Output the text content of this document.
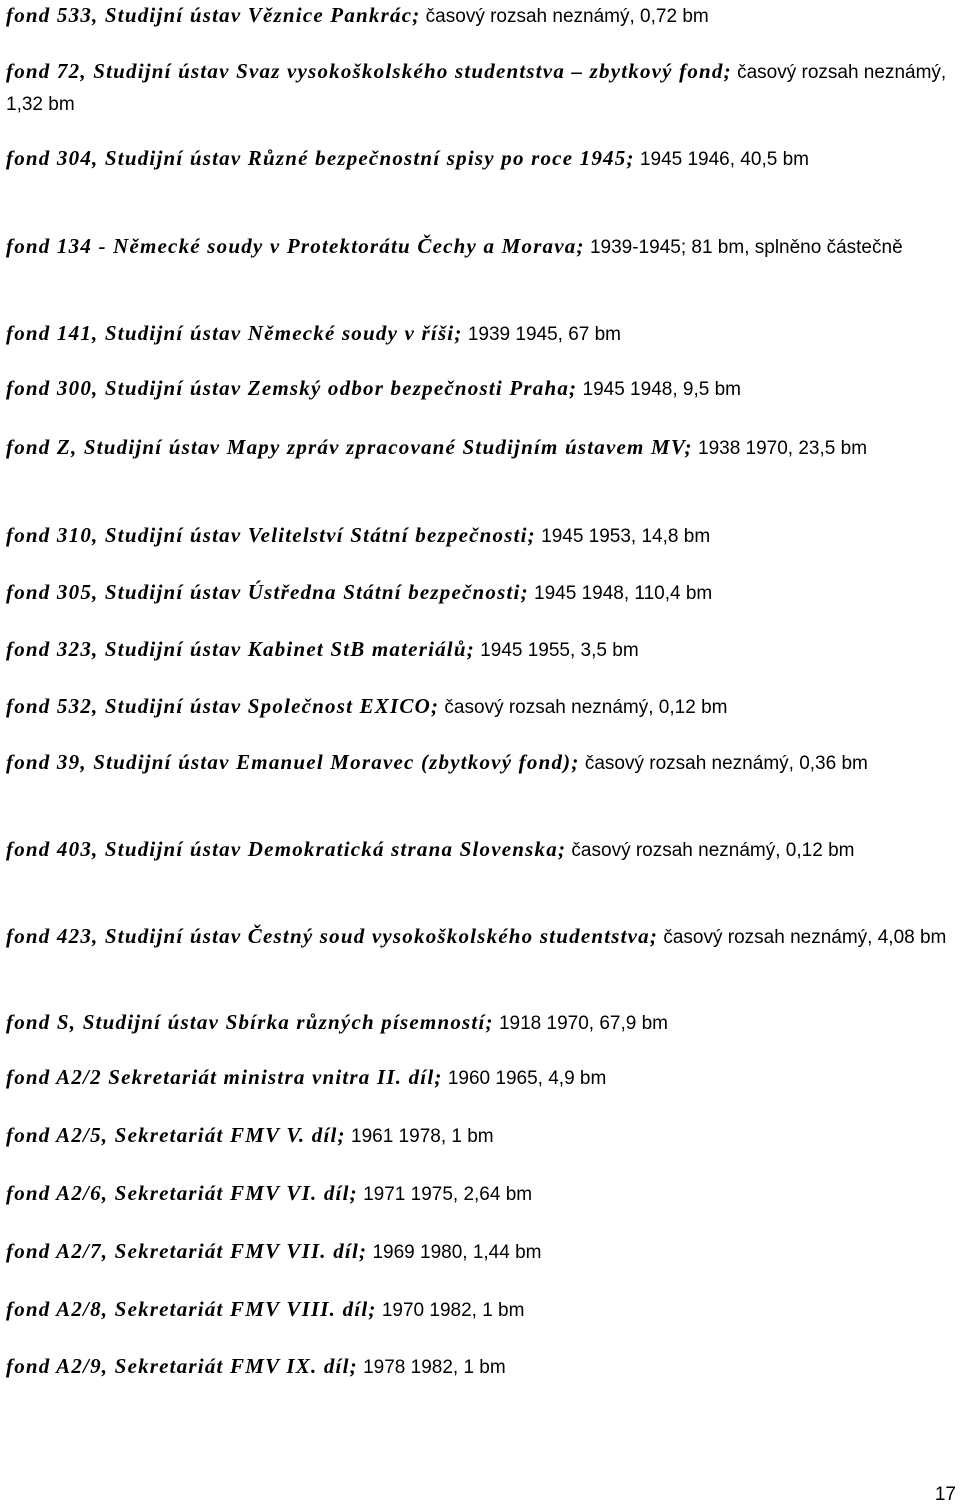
fond 533, Studijní ústav Věznice Pankrác; časový rozsah neznámý, 0,72 bm

fond 72, Studijní ústav Svaz vysokoškolského studentstva – zbytkový fond; časový rozsah neznámý, 1,32 bm

fond 304, Studijní ústav Různé bezpečnostní spisy po roce 1945; 1945 1946, 40,5 bm

fond 134 - Německé soudy v Protektorátu Čechy a Morava; 1939-1945; 81 bm, splněno částečně

fond 141, Studijní ústav Německé soudy v říši; 1939 1945, 67 bm

fond 300, Studijní ústav Zemský odbor bezpečnosti Praha; 1945 1948, 9,5 bm

fond Z, Studijní ústav Mapy zpráv zpracované Studijním ústavem MV; 1938 1970, 23,5 bm

fond 310, Studijní ústav Velitelství Státní bezpečnosti; 1945 1953, 14,8 bm

fond 305, Studijní ústav Ústředna Státní bezpečnosti; 1945 1948, 110,4 bm

fond 323, Studijní ústav Kabinet StB materiálů; 1945 1955, 3,5 bm

fond 532, Studijní ústav Společnost EXICO; časový rozsah neznámý, 0,12 bm

fond 39, Studijní ústav Emanuel Moravec (zbytkový fond); časový rozsah neznámý, 0,36 bm

fond 403, Studijní ústav Demokratická strana Slovenska; časový rozsah neznámý, 0,12 bm

fond 423, Studijní ústav Čestný soud vysokoškolského studentstva; časový rozsah neznámý, 4,08 bm

fond S, Studijní ústav Sbírka různých písemností; 1918 1970, 67,9 bm

fond A2/2 Sekretariát ministra vnitra II. díl; 1960 1965, 4,9 bm

fond A2/5, Sekretariát FMV V. díl; 1961 1978, 1 bm

fond A2/6, Sekretariát FMV VI. díl; 1971 1975, 2,64 bm

fond A2/7, Sekretariát FMV VII. díl; 1969 1980, 1,44 bm

fond A2/8, Sekretariát FMV VIII. díl; 1970 1982, 1 bm

fond A2/9, Sekretariát FMV IX. díl; 1978 1982, 1 bm

17
